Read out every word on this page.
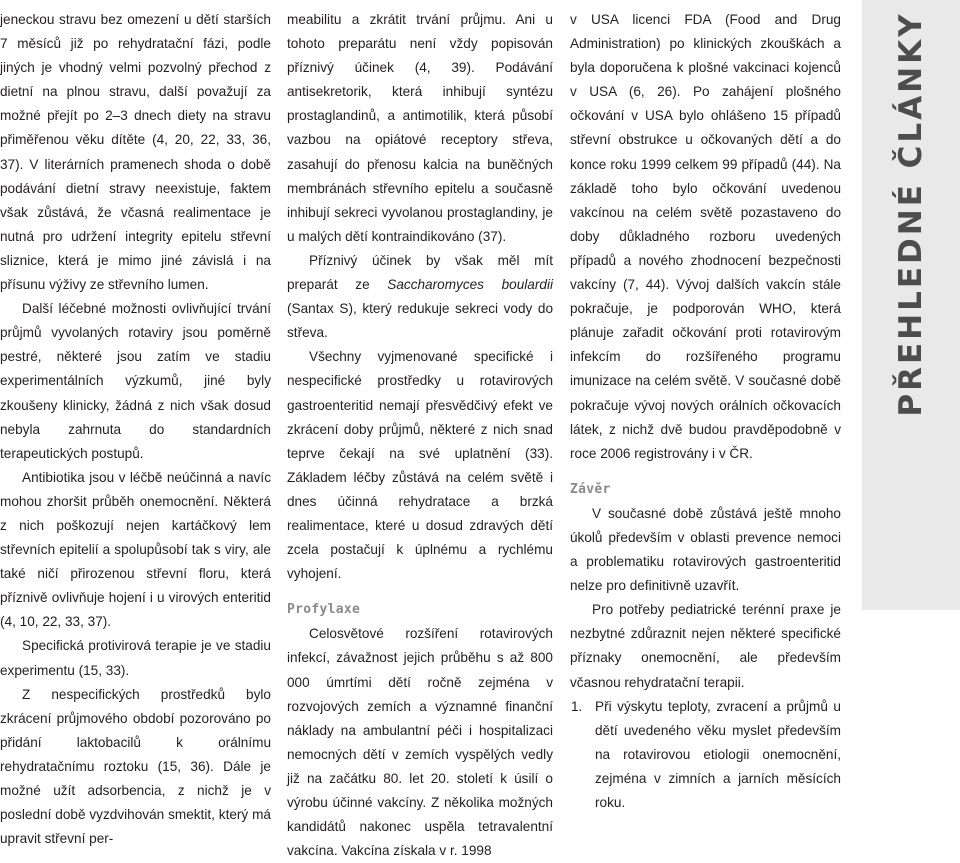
jeneckou stravu bez omezení u dětí starších 7 měsíců již po rehydratační fázi, podle jiných je vhodný velmi pozvolný přechod z dietní na plnou stravu, další považují za možné přejít po 2–3 dnech diety na stravu přiměřenou věku dítěte (4, 20, 22, 33, 36, 37). V literárních pramenech shoda o době podávání dietní stravy neexistuje, faktem však zůstává, že včasná realimentace je nutná pro udržení integrity epitelu střevní sliznice, která je mimo jiné závislá i na přísunu výživy ze střevního lumen.

Další léčebné možnosti ovlivňující trvání průjmů vyvolaných rotaviry jsou poměrně pestré, některé jsou zatím ve stadiu experimentálních výzkumů, jiné byly zkoušeny klinicky, žádná z nich však dosud nebyla zahrnuta do standardních terapeutických postupů.

Antibiotika jsou v léčbě neúčinná a navíc mohou zhoršit průběh onemocnění. Některá z nich poškozují nejen kartáčkový lem střevních epitelií a spolupůsobí tak s viry, ale také ničí přirozenou střevní floru, která příznivě ovlivňuje hojení i u virových enteritid (4, 10, 22, 33, 37).

Specifická protivirová terapie je ve stadiu experimentu (15, 33).

Z nespecifických prostředků bylo zkrácení průjmového období pozorováno po přidání laktobacilů k orálnímu rehydratačnímu roztoku (15, 36). Dále je možné užít adsorbencia, z nichž je v poslední době vyzdvihován smektit, který má upravit střevní per-

meabilitu a zkrátit trvání průjmu. Ani u tohoto preparátu není vždy popisován příznivý účinek (4, 39). Podávání antisekretorik, která inhibují syntézu prostaglandinů, a antimotilik, která působí vazbou na opiátové receptory střeva, zasahují do přenosu kalcia na buněčných membránách střevního epitelu a současně inhibují sekreci vyvolanou prostaglandiny, je u malých dětí kontraindikováno (37).

Příznivý účinek by však měl mít preparát ze Saccharomyces boulardii (Santax S), který redukuje sekreci vody do střeva.

Všechny vyjmenované specifické i nespecifické prostředky u rotavirových gastroenteritid nemají přesvědčivý efekt ve zkrácení doby průjmů, některé z nich snad teprve čekají na své uplatnění (33). Základem léčby zůstává na celém světě i dnes účinná rehydratace a brzká realimentace, které u dosud zdravých dětí zcela postačují k úplnému a rychlému vyhojení.

Profylaxe

Celosvětové rozšíření rotavirových infekcí, závažnost jejich průběhu s až 800 000 úmrtími dětí ročně zejména v rozvojových zemích a významné finanční náklady na ambulantní péči i hospitalizaci nemocných dětí v zemích vyspělých vedly již na začátku 80. let 20. století k úsilí o výrobu účinné vakcíny. Z několika možných kandidátů nakonec uspěla tetravalentní vakcína. Vakcína získala v r. 1998

v USA licenci FDA (Food and Drug Administration) po klinických zkouškách a byla doporučena k plošné vakcinaci kojenců v USA (6, 26). Po zahájení plošného očkování v USA bylo ohlášeno 15 případů střevní obstrukce u očkovaných dětí a do konce roku 1999 celkem 99 případů (44). Na základě toho bylo očkování uvedenou vakcínou na celém světě pozastaveno do doby důkladného rozboru uvedených případů a nového zhodnocení bezpečnosti vakcíny (7, 44). Vývoj dalších vakcín stále pokračuje, je podporován WHO, která plánuje zařadit očkování proti rotavirovým infekcím do rozšířeného programu imunizace na celém světě. V současné době pokračuje vývoj nových orálních očkovacích látek, z nichž dvě budou pravděpodobně v roce 2006 registrovány i v ČR.

Závěr

V současné době zůstává ještě mnoho úkolů především v oblasti prevence nemoci a problematiku rotavirových gastroenteritid nelze pro definitivně uzavřít.

Pro potřeby pediatrické terénní praxe je nezbytné zdůraznit nejen některé specifické příznaky onemocnění, ale především včasnou rehydratační terapii.

1. Při výskytu teploty, zvracení a průjmů u dětí uvedeného věku myslet především na rotavirovou etiologii onemocnění, zejména v zimních a jarních měsících roku.
PŘEHLEDNÉ ČLÁNKY
